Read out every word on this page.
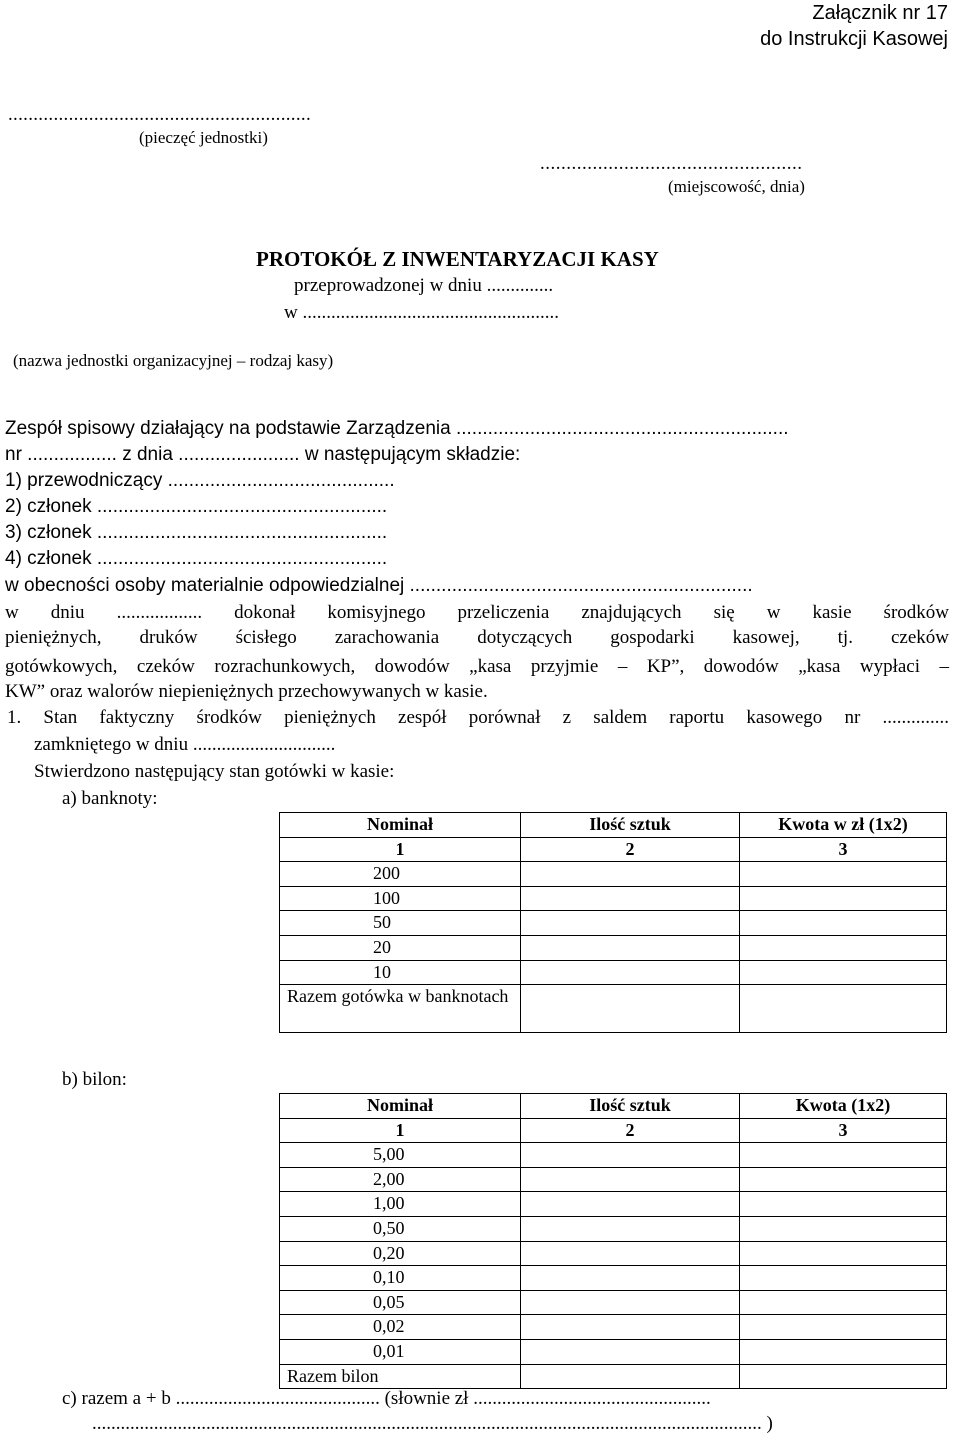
Załącznik nr 17
do Instrukcji Kasowej
............................................................
(pieczęć jednostki)
..................................................
(miejscowość, dnia)
PROTOKÓŁ Z INWENTARYZACJI KASY
przeprowadzonej w dniu ..............
w ......................................................
(nazwa jednostki organizacyjnej – rodzaj kasy)
Zespół spisowy działający na podstawie Zarządzenia ...............................................................
nr ................. z dnia ....................... w następującym składzie:
1) przewodniczący ...........................................
2) członek .......................................................
3) członek .......................................................
4) członek .......................................................
w obecności osoby materialnie odpowiedzialnej .................................................................
w dniu .................. dokonał komisyjnego przeliczenia znajdujących się w kasie środków
pieniężnych, druków ścisłego zarachowania dotyczących gospodarki kasowej, tj. czeków
gotówkowych, czeków rozrachunkowych, dowodów „kasa przyjmie – KP”, dowodów „kasa wypłaci –
KW” oraz walorów niepieniężnych przechowywanych w kasie.
1. Stan faktyczny środków pieniężnych zespół porównał z saldem raportu kasowego nr ..............
zamkniętego w dniu ..............................
Stwierdzono następujący stan gotówki w kasie:
a) banknoty:
Nominał	Ilość sztuk	Kwota w zł (1x2)
1	2	3
200		
100		
50		
20		
10		
Razem gotówka w banknotach		
b) bilon:
Nominał	Ilość sztuk	Kwota (1x2)
1	2	3
5,00		
2,00		
1,00		
0,50		
0,20		
0,10		
0,05		
0,02		
0,01		
Razem bilon		
c) razem a + b ........................................... (słownie zł ..................................................
............................................................................................................................................. )
